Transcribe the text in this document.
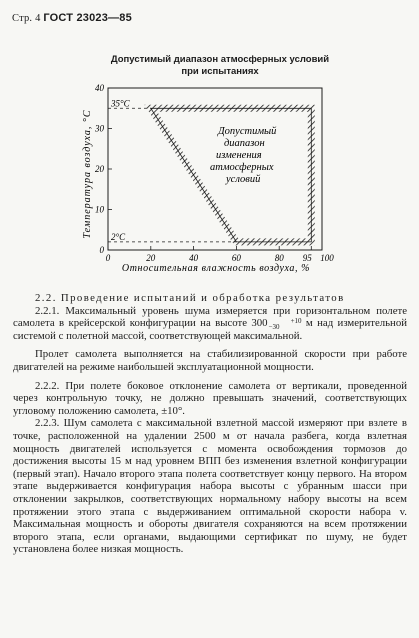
Стр. 4 ГОСТ 23023—85
Допустимый диапазон атмосферных условий
при испытаниях
0
10
20
30
40
0	20	40	60	80 95 100
35°C
2°C
Допустимый
диапазон
изменения
атмосферных
условий
Температура воздуха, °C
Относительная влажность воздуха, %

2.2. Проведение испытаний и обработка результатов

2.2.1. Максимальный уровень шума измеряется при горизонтальном полете самолета в крейсерской конфигурации на высоте 300	+10
−30 м над измерительной системой с полетной массой, соответствующей максимальной.

Пролет самолета выполняется на стабилизированной скорости при работе двигателей на режиме наибольшей эксплуатационной мощности.

2.2.2. При полете боковое отклонение самолета от вертикали, проведенной через контрольную точку, не должно превышать значений, соответствующих угловому положению самолета, ±10°.

2.2.3. Шум самолета с максимальной взлетной массой измеряют при взлете в точке, расположенной на удалении 2500 м от начала разбега, когда взлетная мощность двигателей используется с момента освобождения тормозов до достижения высоты 15 м над уровнем ВПП без изменения взлетной конфигурации (первый этап). Начало второго этапа полета соответствует концу первого. На втором этапе выдерживается конфигурация набора высоты с убранным шасси при отклонении закрылков, соответствующих нормальному набору высоты на всем протяжении этого этапа с выдерживанием оптимальной скорости набора v. Максимальная мощность и обороты двигателя сохраняются на всем протяжении второго этапа, если органами, выдающими сертификат по шуму, не будет установлена более низкая мощность.
